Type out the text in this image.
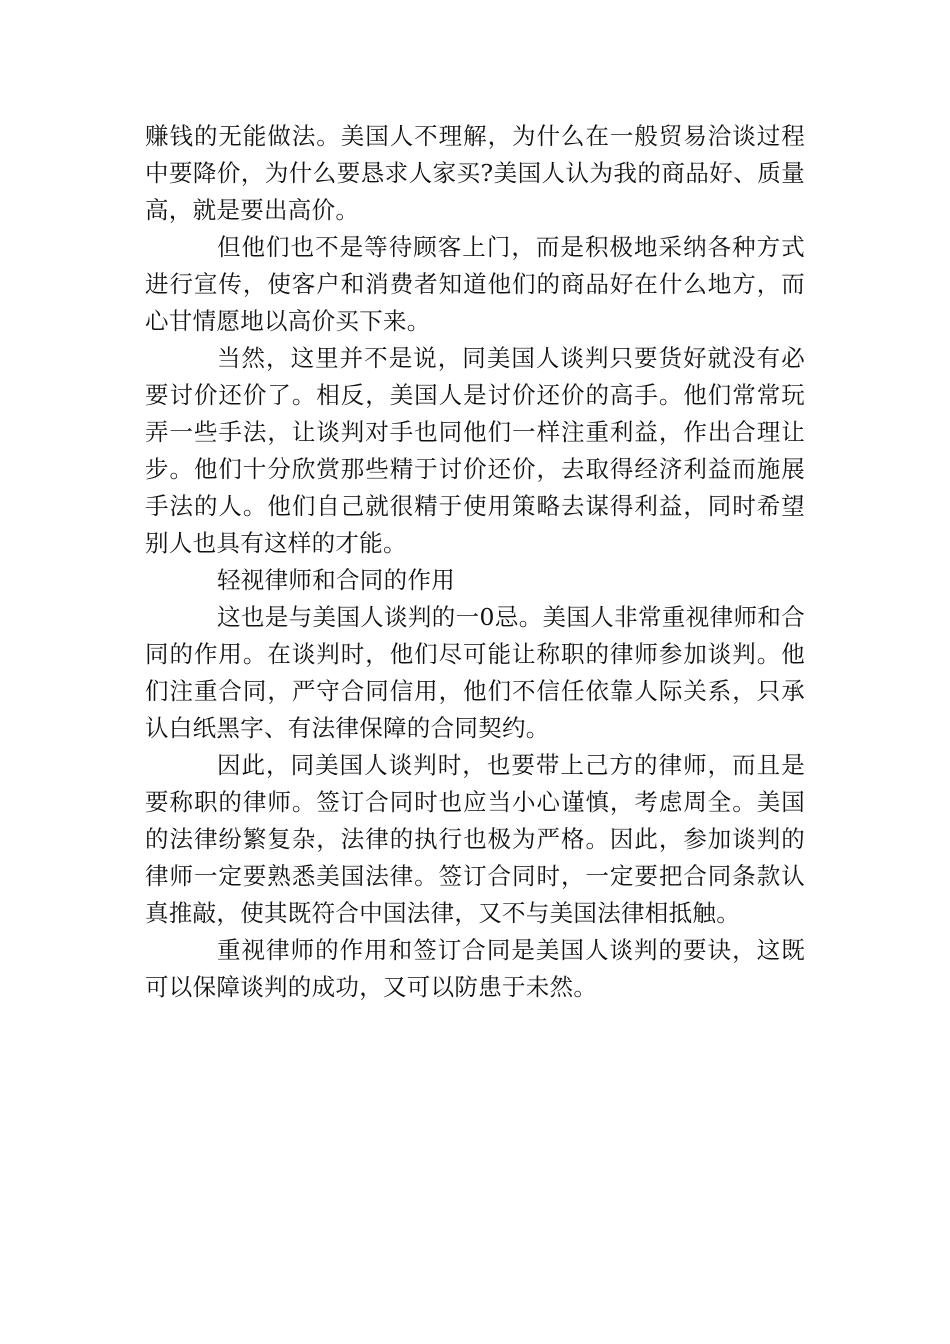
赚钱的无能做法。美国人不理解，为什么在一般贸易洽谈过程中要降价，为什么要恳求人家买?美国人认为我的商品好、质量高，就是要出高价。

但他们也不是等待顾客上门，而是积极地采纳各种方式进行宣传，使客户和消费者知道他们的商品好在什么地方，而心甘情愿地以高价买下来。

当然，这里并不是说，同美国人谈判只要货好就没有必要讨价还价了。相反，美国人是讨价还价的高手。他们常常玩弄一些手法，让谈判对手也同他们一样注重利益，作出合理让步。他们十分欣赏那些精于讨价还价，去取得经济利益而施展手法的人。他们自己就很精于使用策略去谋得利益，同时希望别人也具有这样的才能。

轻视律师和合同的作用

这也是与美国人谈判的一0忌。美国人非常重视律师和合同的作用。在谈判时，他们尽可能让称职的律师参加谈判。他们注重合同，严守合同信用，他们不信任依靠人际关系，只承认白纸黑字、有法律保障的合同契约。

因此，同美国人谈判时，也要带上己方的律师，而且是要称职的律师。签订合同时也应当小心谨慎，考虑周全。美国的法律纷繁复杂，法律的执行也极为严格。因此，参加谈判的律师一定要熟悉美国法律。签订合同时，一定要把合同条款认真推敲，使其既符合中国法律，又不与美国法律相抵触。

重视律师的作用和签订合同是美国人谈判的要诀，这既可以保障谈判的成功，又可以防患于未然。
